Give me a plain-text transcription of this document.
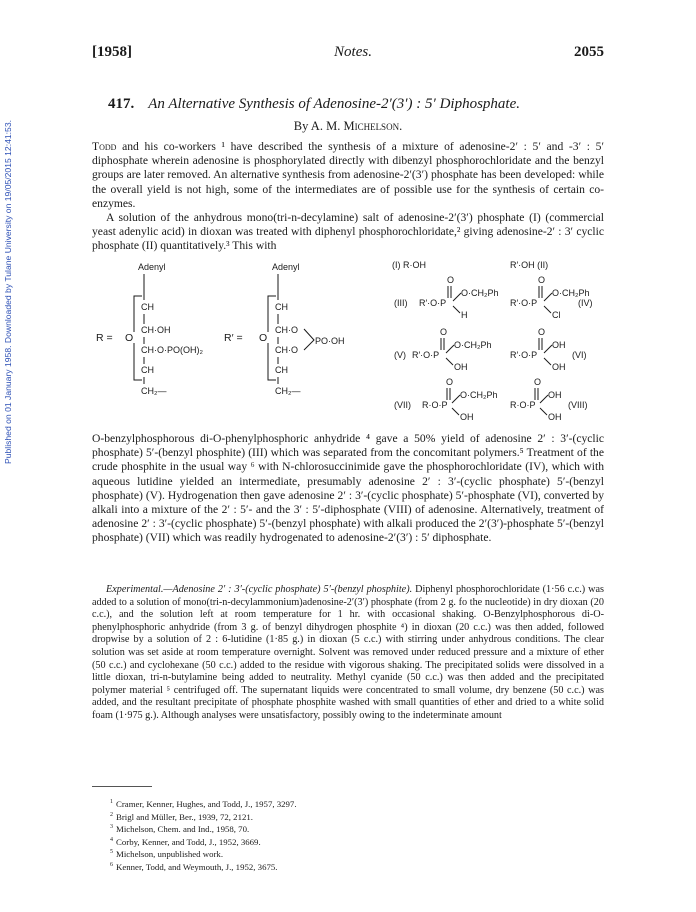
Published on 01 January 1958. Downloaded by Tulane University on 19/05/2015 12:41:53.
[1958]	Notes.	2055
417. An Alternative Synthesis of Adenosine-2′(3′) : 5′ Diphosphate.
By A. M. Michelson.

Todd and his co-workers ¹ have described the synthesis of a mixture of adenosine-2′ : 5′ and -3′ : 5′ diphosphate wherein adenosine is phosphorylated directly with dibenzyl phosphorochloridate and the benzyl groups are later removed. An alternative synthesis from adenosine-2′(3′) phosphate has been developed: while the overall yield is not high, some of the intermediates are of possible use for the synthesis of certain co-enzymes.

A solution of the anhydrous mono(tri-n-decylamine) salt of adenosine-2′(3′) phosphate (I) (commercial yeast adenylic acid) in dioxan was treated with diphenyl phosphorochloridate,² giving adenosine-2′ : 3′ cyclic phosphate (II) quantitatively.³ This with

Adenyl
CH
CH·OH
CH·O·PO(OH)₂
CH
CH₂—
R = O
Adenyl
CH
CH·O
CH·O
CH
CH₂—
R′ = O	PO·OH
(I) R·OH	R′·OH (II)
(III) R′·O·P
O
O·CH₂Ph
H
R′·O·P
O
O·CH₂Ph
Cl
(IV)
(V) R′·O·P
O
O·CH₂Ph
OH
R′·O·P
O
OH
OH
(VI)
(VII) R·O·P
O
O·CH₂Ph
OH
R·O·P
O
OH
OH
(VIII)

O-benzylphosphorous di-O-phenylphosphoric anhydride ⁴ gave a 50% yield of adenosine 2′ : 3′-(cyclic phosphate) 5′-(benzyl phosphite) (III) which was separated from the concomitant polymers.⁵ Treatment of the crude phosphite in the usual way ⁶ with N-chlorosuccinimide gave the phosphorochloridate (IV), which with aqueous lutidine yielded an intermediate, presumably adenosine 2′ : 3′-(cyclic phosphate) 5′-(benzyl phosphate) (V). Hydrogenation then gave adenosine 2′ : 3′-(cyclic phosphate) 5′-phosphate (VI), converted by alkali into a mixture of the 2′ : 5′- and the 3′ : 5′-diphosphate (VIII) of adenosine. Alternatively, treatment of adenosine 2′ : 3′-(cyclic phosphate) 5′-(benzyl phosphate) with alkali produced the 2′(3′)-phosphate 5′-(benzyl phosphate) (VII) which was readily hydrogenated to adenosine-2′(3′) : 5′ diphosphate.

Experimental.—Adenosine 2′ : 3′-(cyclic phosphate) 5′-(benzyl phosphite). Diphenyl phosphorochloridate (1·56 c.c.) was added to a solution of mono(tri-n-decylammonium)adenosine-2′(3′) phosphate (from 2 g. fo the nucleotide) in dry dioxan (20 c.c.), and the solution left at room temperature for 1 hr. with occasional shaking. O-Benzylphosphorous di-O-phenylphosphoric anhydride (from 3 g. of benzyl dihydrogen phosphite ⁴) in dioxan (20 c.c.) was then added, followed dropwise by a solution of 2 : 6-lutidine (1·85 g.) in dioxan (5 c.c.) with stirring under anhydrous conditions. The clear solution was set aside at room temperature overnight. Solvent was removed under reduced pressure and a mixture of ether (50 c.c.) and cyclohexane (50 c.c.) added to the residue with vigorous shaking. The precipitated solids were dissolved in a little dioxan, tri-n-butylamine being added to neutrality. Methyl cyanide (50 c.c.) was then added and the precipitated polymer material ⁵ centrifuged off. The supernatant liquids were concentrated to small volume, dry benzene (50 c.c.) was added, and the resultant precipitate of phosphate phosphite washed with small quantities of ether and dried to a white solid foam (1·975 g.). Although analyses were unsatisfactory, possibly owing to the indeterminate amount

$^1$ Cramer, Kenner, Hughes, and Todd, J., 1957, 3297.
$^2$ Brigl and Müller, Ber., 1939, 72, 2121.
$^3$ Michelson, Chem. and Ind., 1958, 70.
$^4$ Corby, Kenner, and Todd, J., 1952, 3669.
$^5$ Michelson, unpublished work.
$^6$ Kenner, Todd, and Weymouth, J., 1952, 3675.
